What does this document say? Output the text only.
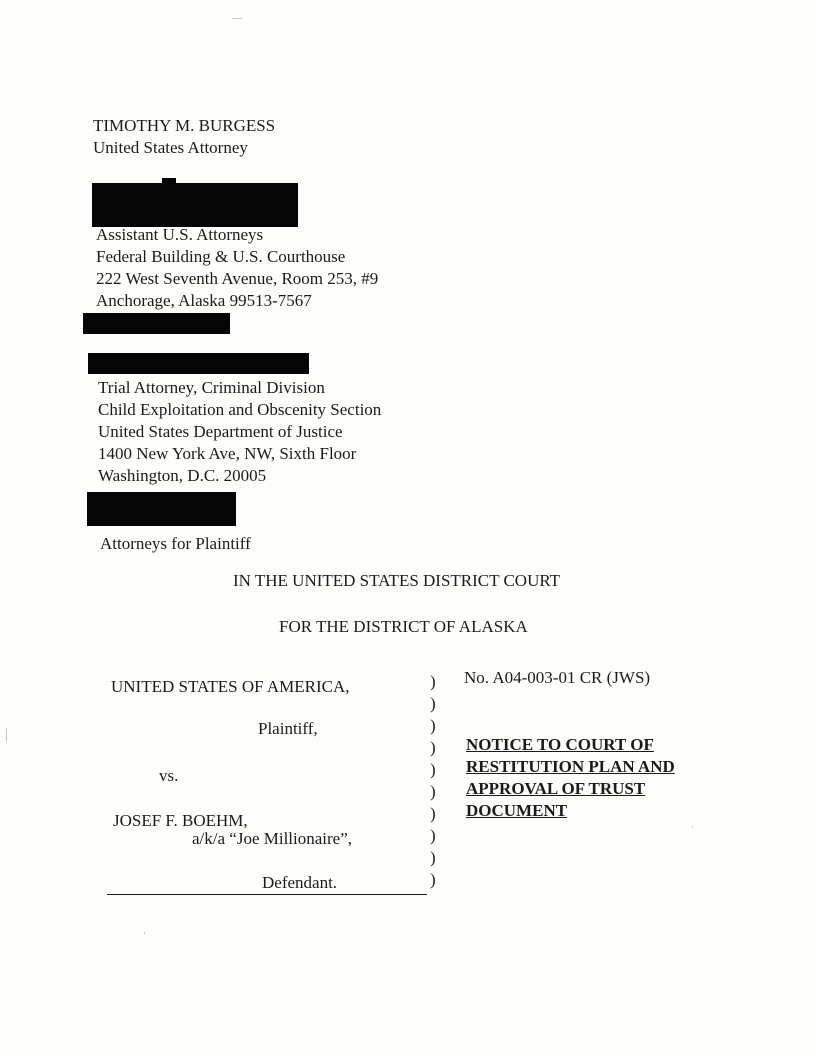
TIMOTHY M. BURGESS
United States Attorney
Assistant U.S. Attorneys
Federal Building & U.S. Courthouse
222 West Seventh Avenue, Room 253, #9
Anchorage, Alaska 99513-7567
Trial Attorney, Criminal Division
Child Exploitation and Obscenity Section
United States Department of Justice
1400 New York Ave, NW, Sixth Floor
Washington, D.C. 20005
Attorneys for Plaintiff
IN THE UNITED STATES DISTRICT COURT
FOR THE DISTRICT OF ALASKA
UNITED STATES OF AMERICA,
Plaintiff,
vs.
JOSEF F. BOEHM,
a/k/a “Joe Millionaire”,
Defendant.
)
)
)
)
)
)
)
)
)
)
No. A04-003-01 CR (JWS)
NOTICE TO COURT OF
RESTITUTION PLAN AND
APPROVAL OF TRUST
DOCUMENT
